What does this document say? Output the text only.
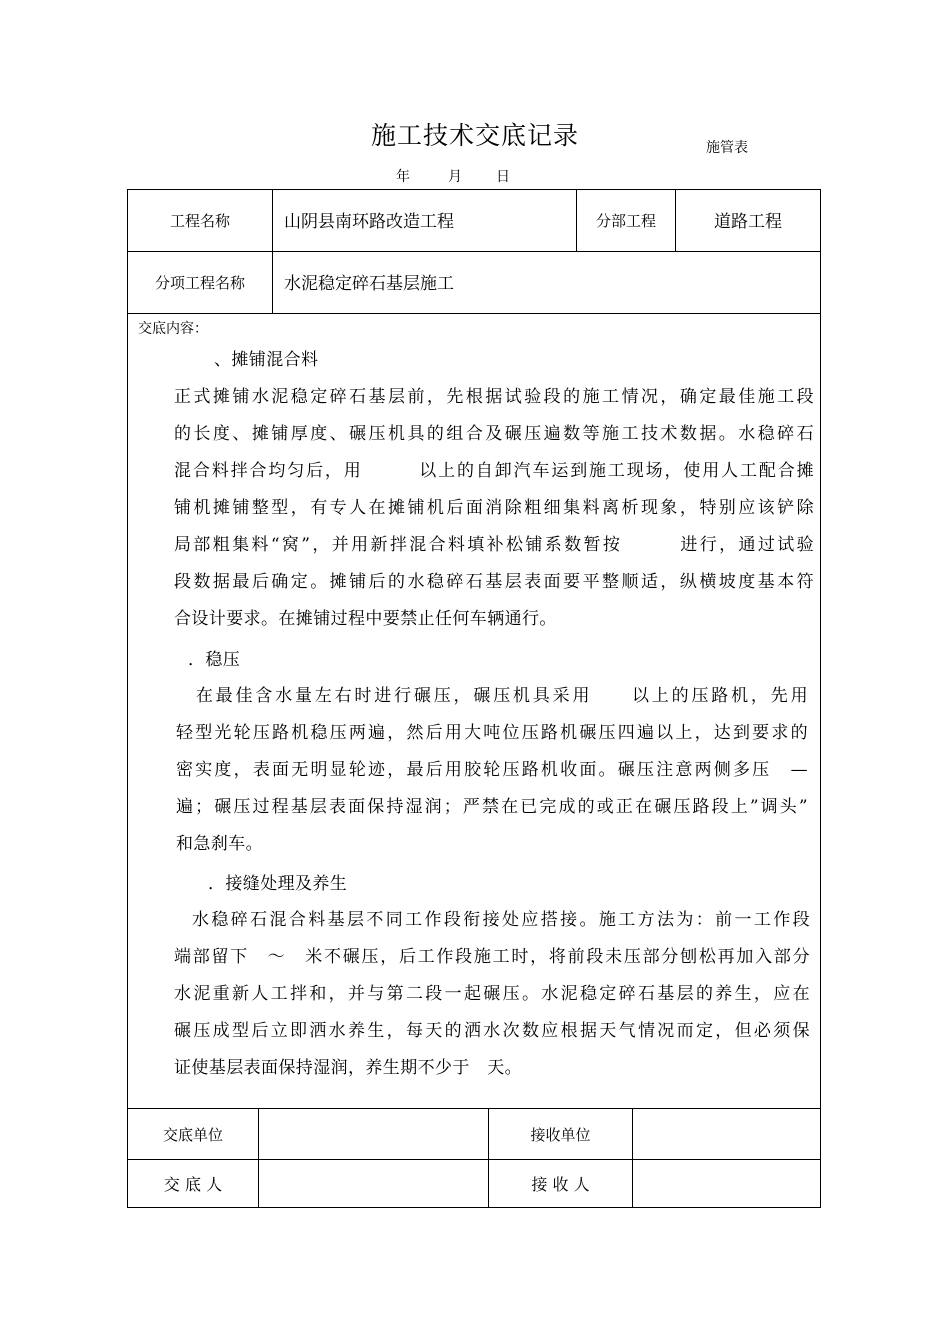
施工技术交底记录	施管表
年	月 日
工程名称	山阴县南环路改造工程	分部工程	道路工程
分项工程名称	水泥稳定碎石基层施工
交底内容：
、摊铺混合料
正式摊铺水泥稳定碎石基层前，先根据试验段的施工情况，确定最佳施工段
的长度、摊铺厚度、碾压机具的组合及碾压遍数等施工技术数据。水稳碎石
混合料拌合均匀后，用　　　以上的自卸汽车运到施工现场，使用人工配合摊
铺机摊铺整型，有专人在摊铺机后面消除粗细集料离析现象，特别应该铲除
局部粗集料“窝”，并用新拌混合料填补松铺系数暂按　　　进行，通过试验
段数据最后确定。摊铺后的水稳碎石基层表面要平整顺适，纵横坡度基本符
合设计要求。在摊铺过程中要禁止任何车辆通行。
．稳压
　在最佳含水量左右时进行碾压，碾压机具采用　　以上的压路机，先用
轻型光轮压路机稳压两遍，然后用大吨位压路机碾压四遍以上，达到要求的
密实度，表面无明显轮迹，最后用胶轮压路机收面。碾压注意两侧多压　—
遍；碾压过程基层表面保持湿润；严禁在已完成的或正在碾压路段上”调头”
和急刹车。
．接缝处理及养生
水稳碎石混合料基层不同工作段衔接处应搭接。施工方法为：前一工作段
端部留下　～　米不碾压，后工作段施工时，将前段未压部分刨松再加入部分
水泥重新人工拌和，并与第二段一起碾压。水泥稳定碎石基层的养生，应在
碾压成型后立即洒水养生，每天的洒水次数应根据天气情况而定，但必须保
证使基层表面保持湿润，养生期不少于　天。
交底单位	接收单位
交 底 人	接 收 人
